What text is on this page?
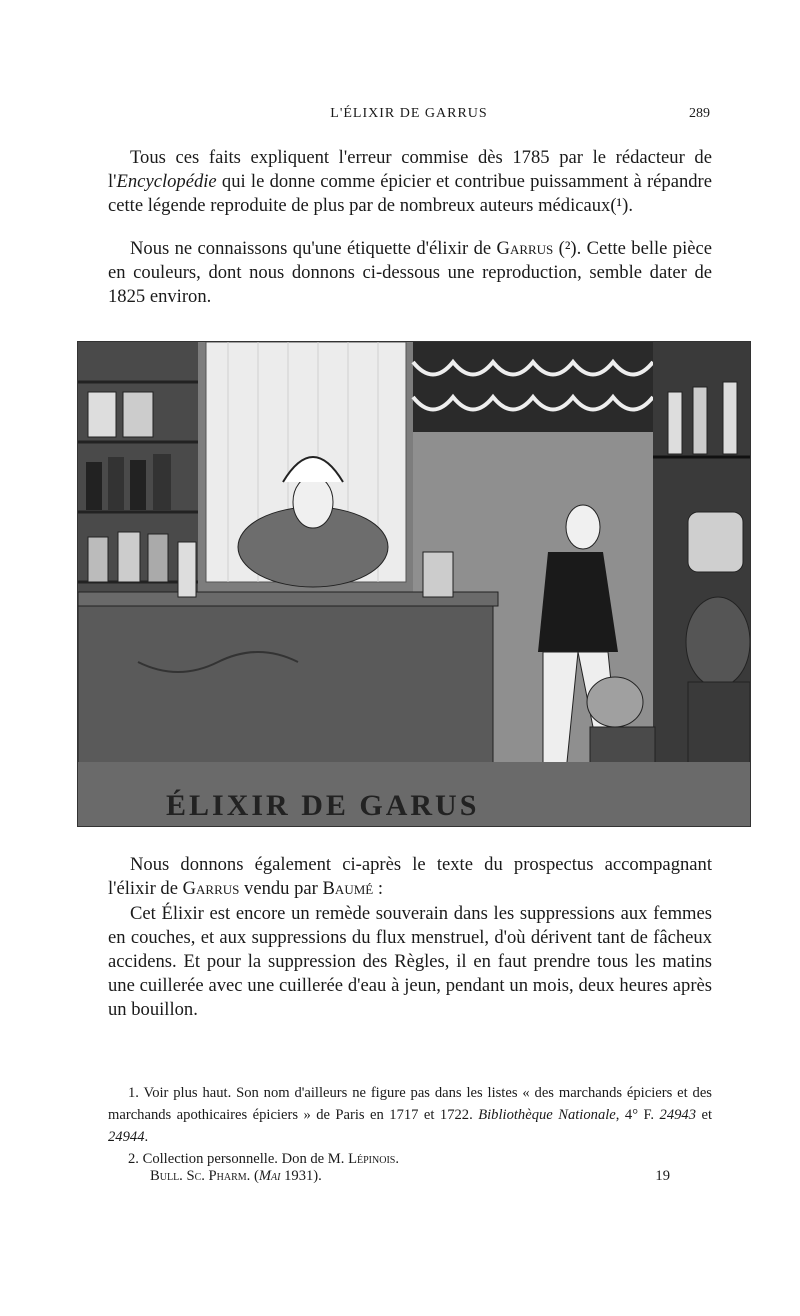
L'ÉLIXIR DE GARRUS	289

Tous ces faits expliquent l'erreur commise dès 1785 par le rédacteur de l'Encyclopédie qui le donne comme épicier et contribue puissamment à répandre cette légende reproduite de plus par de nombreux auteurs médicaux(¹).

Nous ne connaissons qu'une étiquette d'élixir de Garrus (²). Cette belle pièce en couleurs, dont nous donnons ci-dessous une reproduction, semble dater de 1825 environ.

ÉLIXIR DE GARUS

Nous donnons également ci-après le texte du prospectus accompagnant l'élixir de Garrus vendu par Baumé :

Cet Élixir est encore un remède souverain dans les suppressions aux femmes en couches, et aux suppressions du flux menstruel, d'où dérivent tant de fâcheux accidens. Et pour la suppression des Règles, il en faut prendre tous les matins une cuillerée avec une cuillerée d'eau à jeun, pendant un mois, deux heures après un bouillon.

1. Voir plus haut. Son nom d'ailleurs ne figure pas dans les listes « des marchands épiciers et des marchands apothicaires épiciers » de Paris en 1717 et 1722. Bibliothèque Nationale, 4° F. 24943 et 24944.

2. Collection personnelle. Don de M. Lépinois.

Bull. Sc. Pharm. (Mai 1931).	19
